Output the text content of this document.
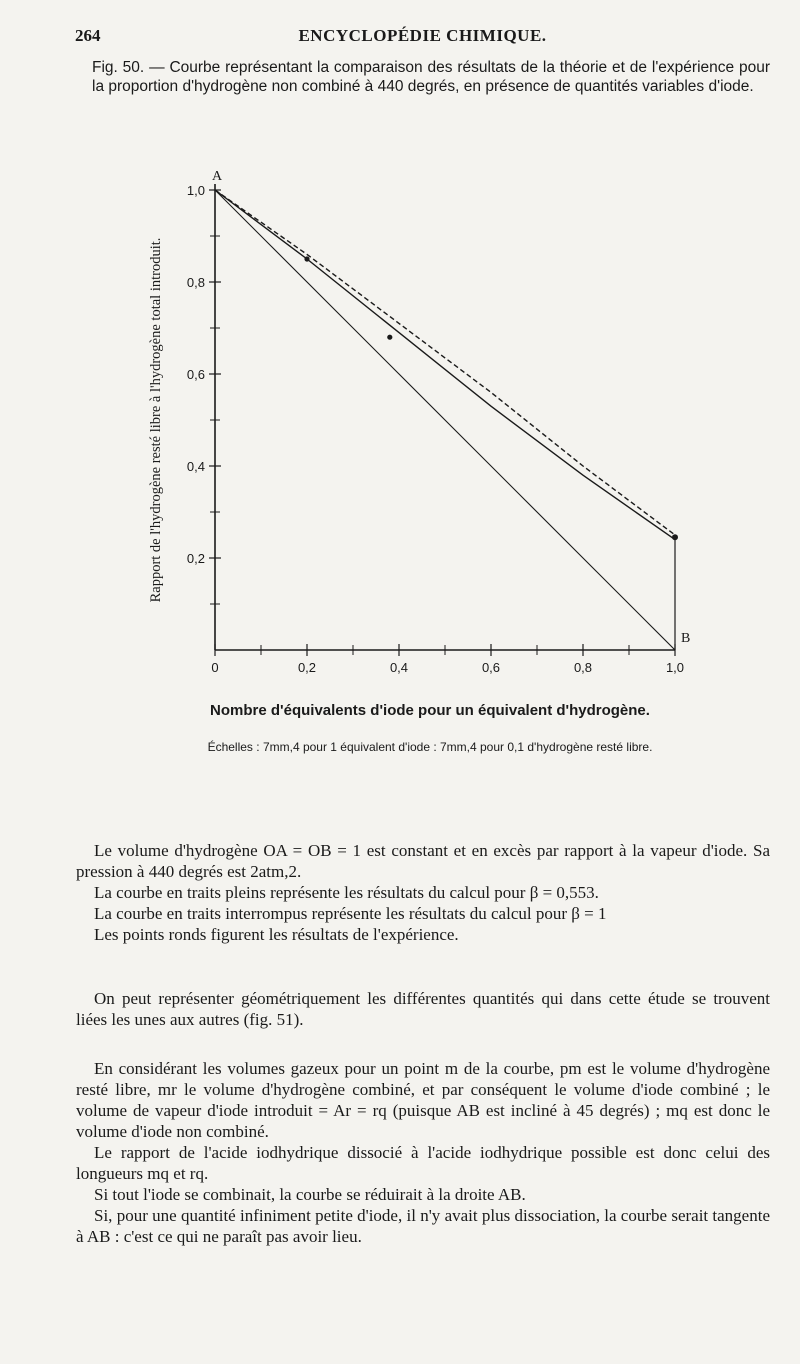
264	ENCYCLOPÉDIE CHIMIQUE.
Fig. 50. — Courbe représentant la comparaison des résultats de la théorie et de l'expérience pour la proportion d'hydrogène non combiné à 440 degrés, en présence de quantités variables d'iode.
0	0,2	0,4	0,6	0,8	1,0
0,2
0,4
0,6
0,8
1,0
Rapport de l'hydrogène resté libre à l'hydrogène total introduit.
A
B
Nombre d'équivalents d'iode pour un équivalent d'hydrogène.
Échelles : 7mm,4 pour 1 équivalent d'iode : 7mm,4 pour 0,1 d'hydrogène resté libre.

Le volume d'hydrogène OA = OB = 1 est constant et en excès par rapport à la vapeur d'iode. Sa pression à 440 degrés est 2atm,2.

La courbe en traits pleins représente les résultats du calcul pour β = 0,553.

La courbe en traits interrompus représente les résultats du calcul pour β = 1

Les points ronds figurent les résultats de l'expérience.

On peut représenter géométriquement les différentes quantités qui dans cette étude se trouvent liées les unes aux autres (fig. 51).

En considérant les volumes gazeux pour un point m de la courbe, pm est le volume d'hydrogène resté libre, mr le volume d'hydrogène combiné, et par conséquent le volume d'iode combiné ; le volume de vapeur d'iode introduit = Ar = rq (puisque AB est incliné à 45 degrés) ; mq est donc le volume d'iode non combiné.

Le rapport de l'acide iodhydrique dissocié à l'acide iodhydrique possible est donc celui des longueurs mq et rq.

Si tout l'iode se combinait, la courbe se réduirait à la droite AB.

Si, pour une quantité infiniment petite d'iode, il n'y avait plus dissociation, la courbe serait tangente à AB : c'est ce qui ne paraît pas avoir lieu.
